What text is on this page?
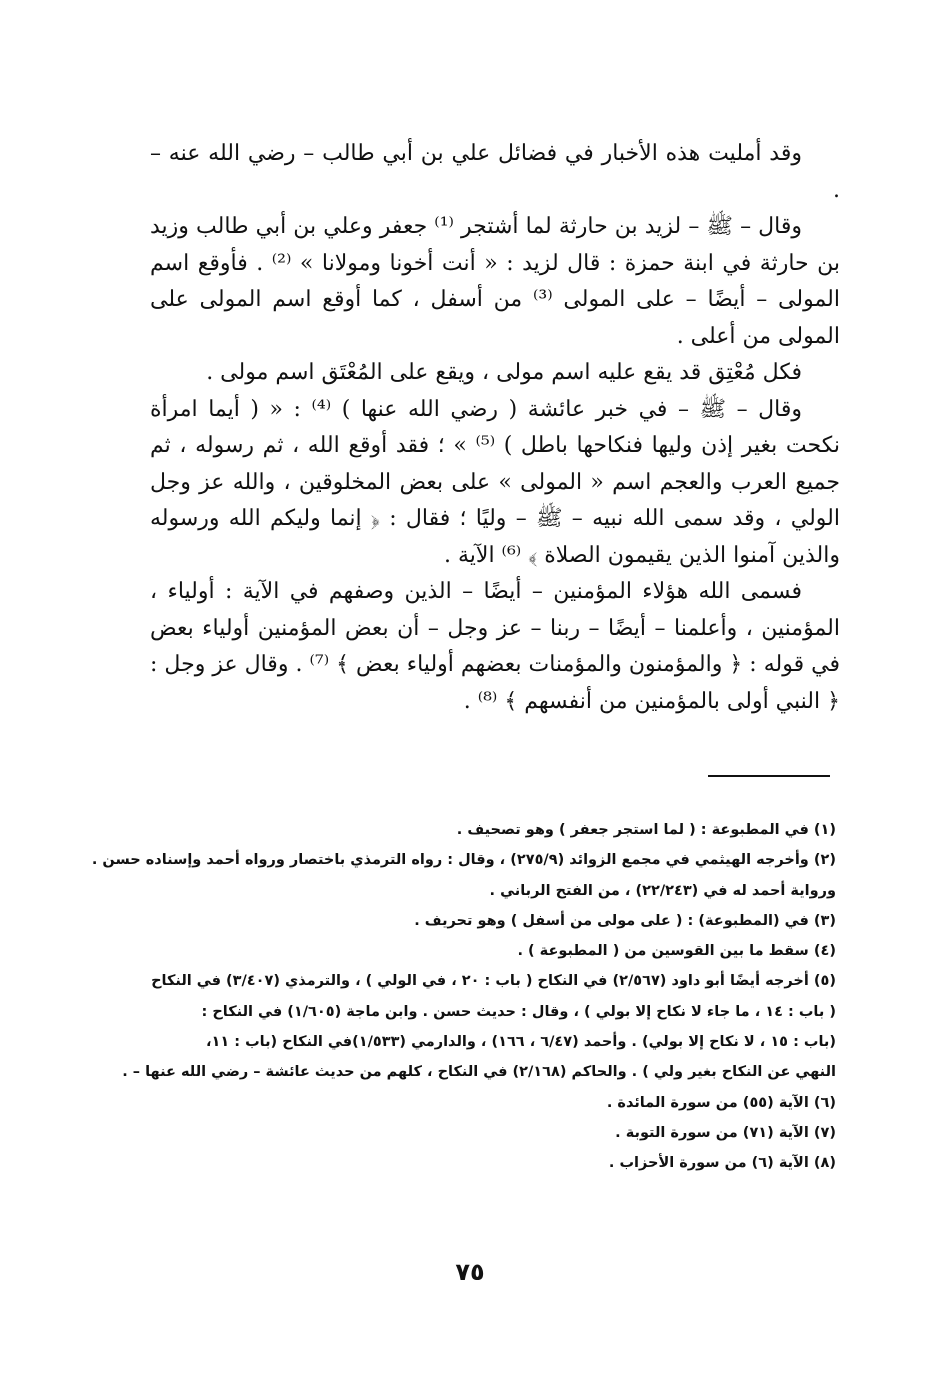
وقد أمليت هذه الأخبار في فضائل علي بن أبي طالب – رضي الله عنه – .

وقال – ﷺ – لزيد بن حارثة لما أشتجر ⁽¹⁾ جعفر وعلي بن أبي طالب وزيد بن حارثة في ابنة حمزة : قال لزيد : « أنت أخونا ومولانا » ⁽²⁾ . فأوقع اسم المولى – أيضًا – على المولى ⁽³⁾ من أسفل ، كما أوقع اسم المولى على المولى من أعلى .

فكل مُعْتِق قد يقع عليه اسم مولى ، ويقع على المُعْتَق اسم مولى .

وقال – ﷺ – في خبر عائشة ( رضي الله عنها ) ⁽⁴⁾ : « ( أيما امرأة نكحت بغير إذن وليها فنكاحها باطل ) ⁽⁵⁾ » ؛ فقد أوقع الله ، ثم رسوله ، ثم جميع العرب والعجم اسم « المولى » على بعض المخلوقين ، والله عز وجل الولي ، وقد سمى الله نبيه – ﷺ – وليًا ؛ فقال : ﴿ إنما وليكم الله ورسوله والذين آمنوا الذين يقيمون الصلاة ﴾ ⁽⁶⁾ الآية .

فسمى الله هؤلاء المؤمنين – أيضًا – الذين وصفهم في الآية : أولياء ، المؤمنين ، وأعلمنا – أيضًا – ربنا – عز وجل – أن بعض المؤمنين أولياء بعض في قوله : ﴿ والمؤمنون والمؤمنات بعضهم أولياء بعض ﴾ ⁽⁷⁾ . وقال عز وجل : ﴿ النبي أولى بالمؤمنين من أنفسهم ﴾ ⁽⁸⁾ .

(١) في المطبوعة : ( لما استجر جعفر ) وهو تصحيف .
(٢) وأخرجه الهيثمي في مجمع الزوائد (٢٧٥/٩) ، وقال : رواه الترمذي باختصار ورواه أحمد وإسناده حسن .
ورواية أحمد له في (٢٢/٢٤٣) ، من الفتح الرباني .
(٣) في (المطبوعة) : ( على مولى من أسفل ) وهو تحريف .
(٤) سقط ما بين القوسين من ( المطبوعة ) .
(٥) أخرجه أيضًا أبو داود (٢/٥٦٧) في النكاح ( باب : ٢٠ ، في الولي ) ، والترمذي (٣/٤٠٧) في النكاح
( باب : ١٤ ، ما جاء لا نكاح إلا بولي ) ، وقال : حديث حسن . وابن ماجة (١/٦٠٥) في النكاح :
(باب : ١٥ ، لا نكاح إلا بولي) . وأحمد (٦/٤٧ ، ١٦٦) ، والدارمي (١/٥٣٣)في النكاح (باب : ١١،
النهي عن النكاح بغير ولي ) . والحاكم (٢/١٦٨) في النكاح ، كلهم من حديث عائشة – رضي الله عنها – .
(٦) الآية (٥٥) من سورة المائدة .
(٧) الآية (٧١) من سورة التوبة .
(٨) الآية (٦) من سورة الأحزاب .
٧٥
